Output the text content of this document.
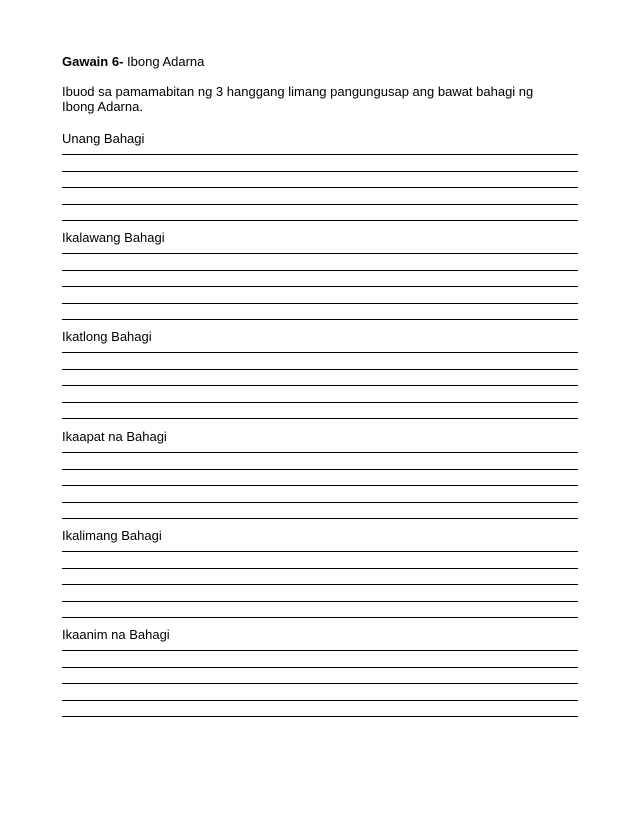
Gawain 6- Ibong Adarna
Ibuod sa pamamabitan ng 3 hanggang limang pangungusap ang bawat bahagi ng Ibong Adarna.
Unang Bahagi
Ikalawang Bahagi
Ikatlong Bahagi
Ikaapat na Bahagi
Ikalimang Bahagi
Ikaanim na Bahagi
